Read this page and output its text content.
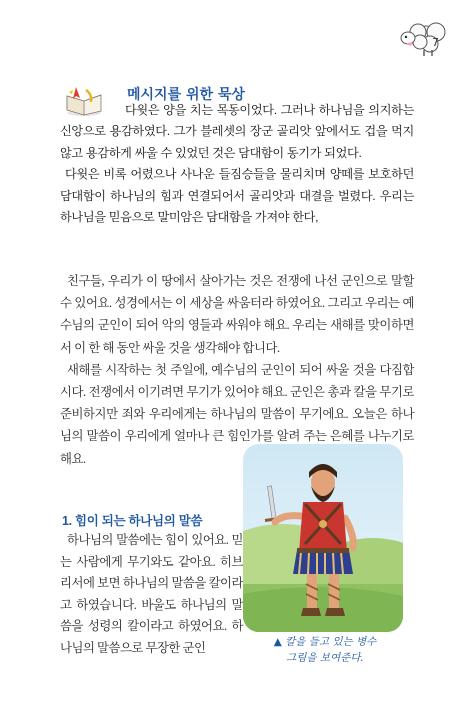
7
메시지를 위한 묵상

다윗은 양을 치는 목동이었다. 그러나 하나님을 의지하는 신앙으로 용감하였다. 그가 블레셋의 장군 골리앗 앞에서도 겁을 먹지 않고 용감하게 싸울 수 있었던 것은 담대함이 동기가 되었다.

다윗은 비록 어렸으나 사나운 들짐승들을 물리치며 양떼를 보호하던 담대함이 하나님의 힘과 연결되어서 골리앗과 대결을 벌렸다. 우리는 하나님을 믿음으로 말미암은 담대함을 가져야 한다,

친구들, 우리가 이 땅에서 살아가는 것은 전쟁에 나선 군인으로 말할 수 있어요. 성경에서는 이 세상을 싸움터라 하였어요. 그리고 우리는 예수님의 군인이 되어 악의 영들과 싸워야 해요. 우리는 새해를 맞이하면서 이 한 해 동안 싸울 것을 생각해야 합니다.

새해를 시작하는 첫 주일에, 예수님의 군인이 되어 싸울 것을 다짐합시다. 전쟁에서 이기려면 무기가 있어야 해요. 군인은 총과 칼을 무기로 준비하지만 죄와 우리에게는 하나님의 말씀이 무기에요. 오늘은 하나님의 말씀이 우리에게 얼마나 큰 힘인가를 알려 주는 은혜를 나누기로 해요.

1. 힘이 되는 하나님의 말씀

하나님의 말씀에는 힘이 있어요. 믿는 사람에게 무기와도 같아요. 히브리서에 보면 하나님의 말씀을 칼이라고 하였습니다. 바울도 하나님의 말씀을 성령의 칼이라고 하였어요. 하나님의 말씀으로 무장한 군인	▲ 칼을 들고 있는 병수
그림을 보여준다.
